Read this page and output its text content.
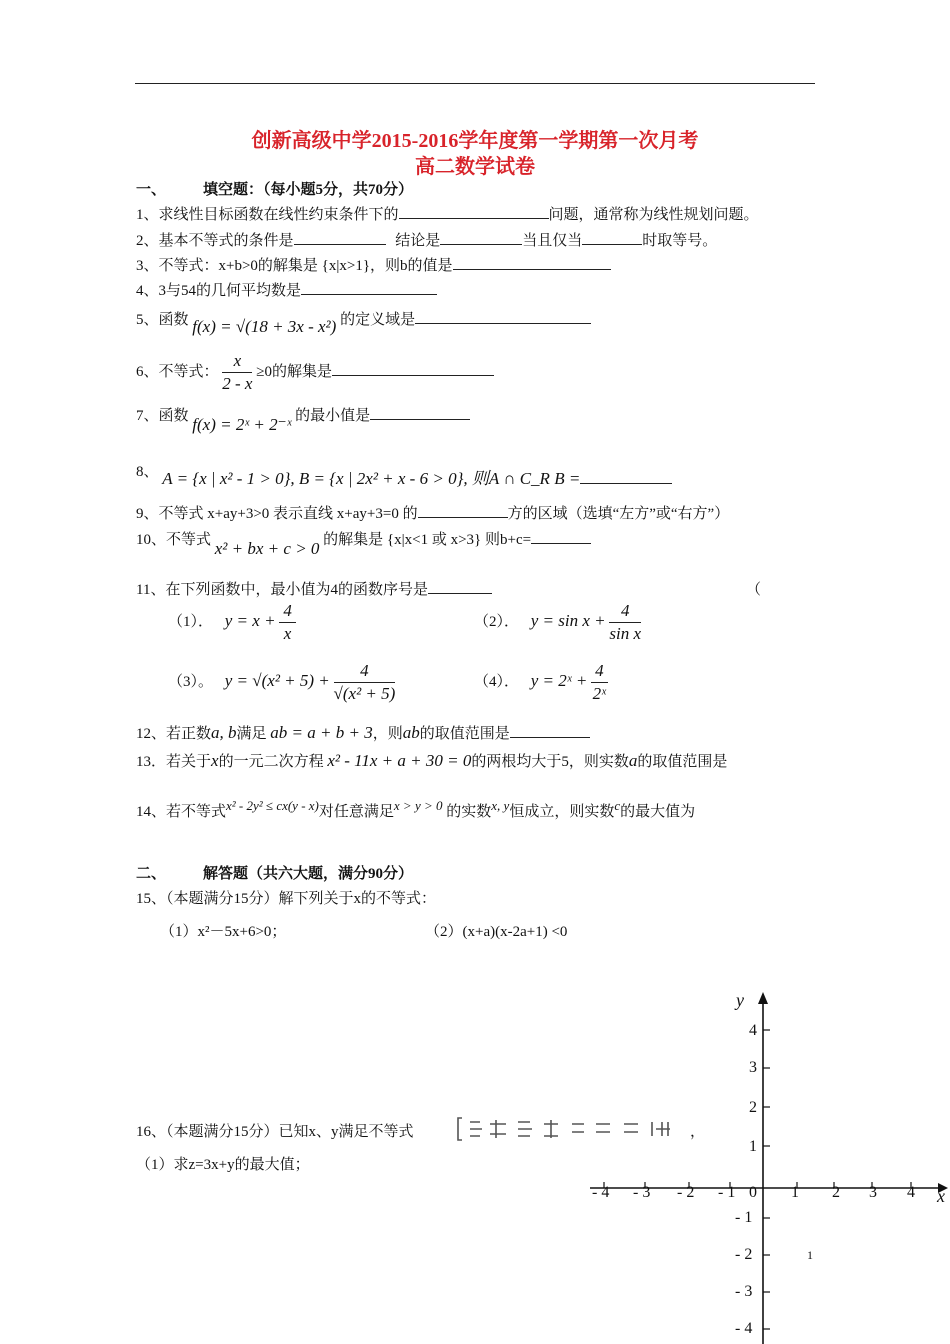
创新高级中学2015-2016学年度第一学期第一次月考
高二数学试卷
一、 填空题：（每小题5分，共70分）
1、求线性目标函数在线性约束条件下的	问题，通常称为线性规划问题。
2、基本不等式的条件是	结论是	当且仅当	时取等号。
3、不等式：x+b>0的解集是 {x|x>1}，则b的值是
4、3与54的几何平均数是
5、函数 f(x) = √(18 + 3x - x²) 的定义域是
6、不等式： $\frac{x}{2 - x} \ge 0$的解集是
7、函数 f(x) = 2ˣ + 2⁻ˣ 的最小值是
8、 A = {x | x² - 1 > 0}, B = {x | 2x² + x - 6 > 0}, 则A ∩ C_R B =
9、不等式 x+ay+3>0 表示直线 x+ay+3=0 的	方的区域（选填“左方”或“右方”）
10、不等式 x² + bx + c > 0 的解集是 {x|x<1 或 x>3} 则b+c=
11、在下列函数中，最小值为4的函数序号是	（
（1）． $y = x + \frac{4}{x}$	（2）． $y = \sin x + \frac{4}{\text{sin x}}$
（3）。 $y = √(x^2 + 5) + \frac{4}{\text{√(x² + 5)}}$	（4）． y = 2ˣ + $\frac{4}{\text{2ˣ}}$
12、若正数a, b满足 ab = a + b + 3，则ab的取值范围是
13．若关于x的一元二次方程 x² - 11x + a + 30 = 0的两根均大于5，则实数a的取值范围是
14、若不等式x² - 2y² ≤ cx(y - x)对任意满足x > y > 0 的实数x, y恒成立，则实数c的最大值为
二、 解答题（共六大题，满分90分）
15、（本题满分15分）解下列关于x的不等式：
（1）x²－5x+6>0；	（2）(x+a)(x-2a+1) <0
16、（本题满分15分）已知x、y满足不等式	，
（1）求z=3x+y的最大值；
y
x
- 4 - 3 - 2 - 1 0 1 2 3 4
4
3
2
1
- 1
- 2
- 3
- 4
1
